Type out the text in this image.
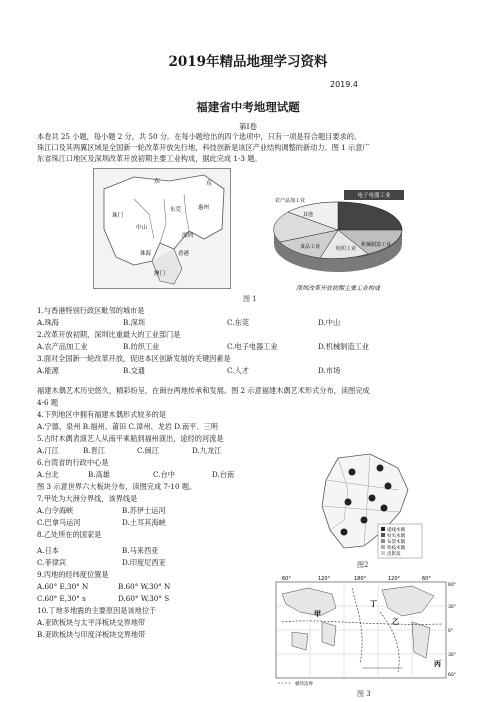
2019年精品地理学习资料
2019.4
福建省中考地理试题
第Ⅰ卷
本卷共 25 小题，每小题 2 分，共 50 分。在每小题给出的四个选项中，只有一项是符合题目要求的。
珠江口及其两翼区域是全国新一轮改革开放先行地，科技创新是该区产业结构调整的新动力。图 1 示意广
东省珠江口地区及深圳改革开放初期主要工业构成，据此完成 1-3 题。
东	东
珠门
中山
深圳
东莞	惠州
珠海	香港
澳门
电子电器工业
机械制造工业
纺织工业
食品工业
农产品加工业
其他
深圳改革开放初期主要工业构成
图 1
1.与香港特别行政区毗邻的城市是
A.珠海	B.深圳	C.东莞	D.中山
2.改革开放初期，深圳比重最大的工业部门是
A.农产品加工业	B.纺织工业	C.电子电器工业	D.机械制造工业
3.面对全国新一轮改革开放，促进本区创新发展的关键因素是
A.能源	B.交通	C.人才	D.市场
福建木偶艺术历史悠久，精彩纷呈，在闽台两地传承和发展。图 2 示意福建木偶艺术形式分布，读图完成
4-6 题
4.下列地区中拥有福建木偶形式较多的是
A.宁德、泉州 B.福州、莆田 C.漳州、龙岩 D.南平、三明
5.古时木偶表演艺人从南平乘船到福州演出，途经的河流是
A.汀江	B.晋江	C.闽江	D.九龙江
6.台湾省的行政中心是
A.台北	B.高雄	C.台中	D.台南
图 3 示意世界六大板块分布，读图完成 7-10 题。
7.甲处为大洲分界线，该界线是
A.白令海峡	B.苏伊士运河
C.巴拿马运河	D.土耳其海峡
8.乙处所在的国家是
A.日本	B.马来西亚
C.菲律宾	D.印度尼西亚
9.丙地的经纬度位置是
A.60° E,30° N	B.60° W,30° N
C.60° E,30° s	D.60° W,30° S
10.丁地多地震的主要原因是该地位于
A.亚欧板块与太平洋板块交界地带
B.亚欧板块与印度洋板块交界地带
提线木偶
杖头木偶
布袋木偶
铁枝木偶
皮影戏
图2
60°	120°	180°	120°	60°
60°
30°
0°
30°
60°
甲
乙
丙
丁
板块边界
图 3
